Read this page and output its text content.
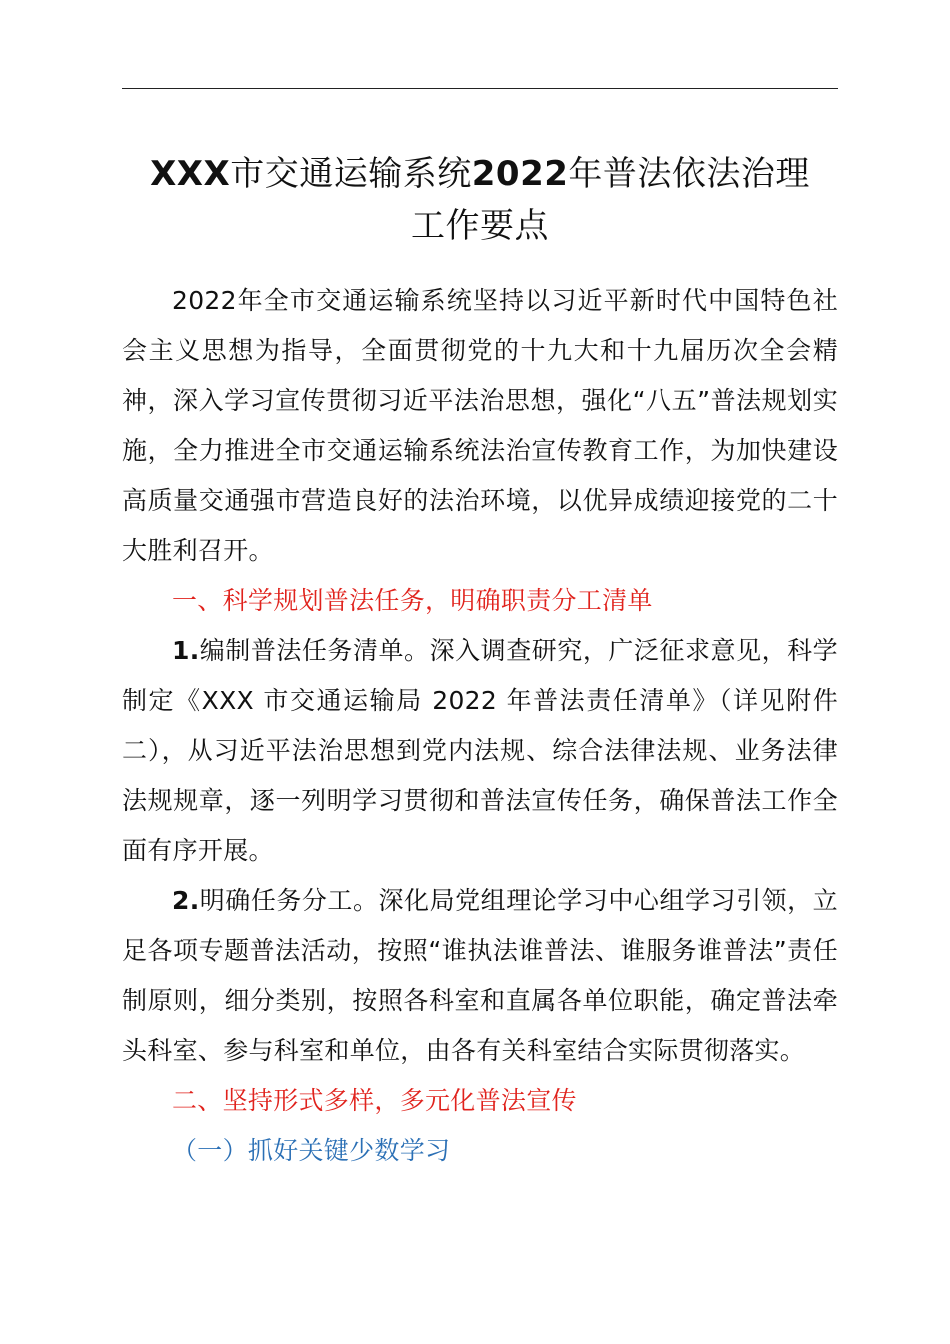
XXX市交通运输系统2022年普法依法治理
工作要点

2022年全市交通运输系统坚持以习近平新时代中国特色社会主义思想为指导，全面贯彻党的十九大和十九届历次全会精神，深入学习宣传贯彻习近平法治思想，强化“八五”普法规划实施，全力推进全市交通运输系统法治宣传教育工作，为加快建设高质量交通强市营造良好的法治环境，以优异成绩迎接党的二十大胜利召开。

一、科学规划普法任务，明确职责分工清单

1.编制普法任务清单。深入调查研究，广泛征求意见，科学制定《XXX 市交通运输局 2022 年普法责任清单》（详见附件二），从习近平法治思想到党内法规、综合法律法规、业务法律法规规章，逐一列明学习贯彻和普法宣传任务，确保普法工作全面有序开展。

2.明确任务分工。深化局党组理论学习中心组学习引领，立足各项专题普法活动，按照“谁执法谁普法、谁服务谁普法”责任制原则，细分类别，按照各科室和直属各单位职能，确定普法牵头科室、参与科室和单位，由各有关科室结合实际贯彻落实。

二、坚持形式多样，多元化普法宣传

（一）抓好关键少数学习
